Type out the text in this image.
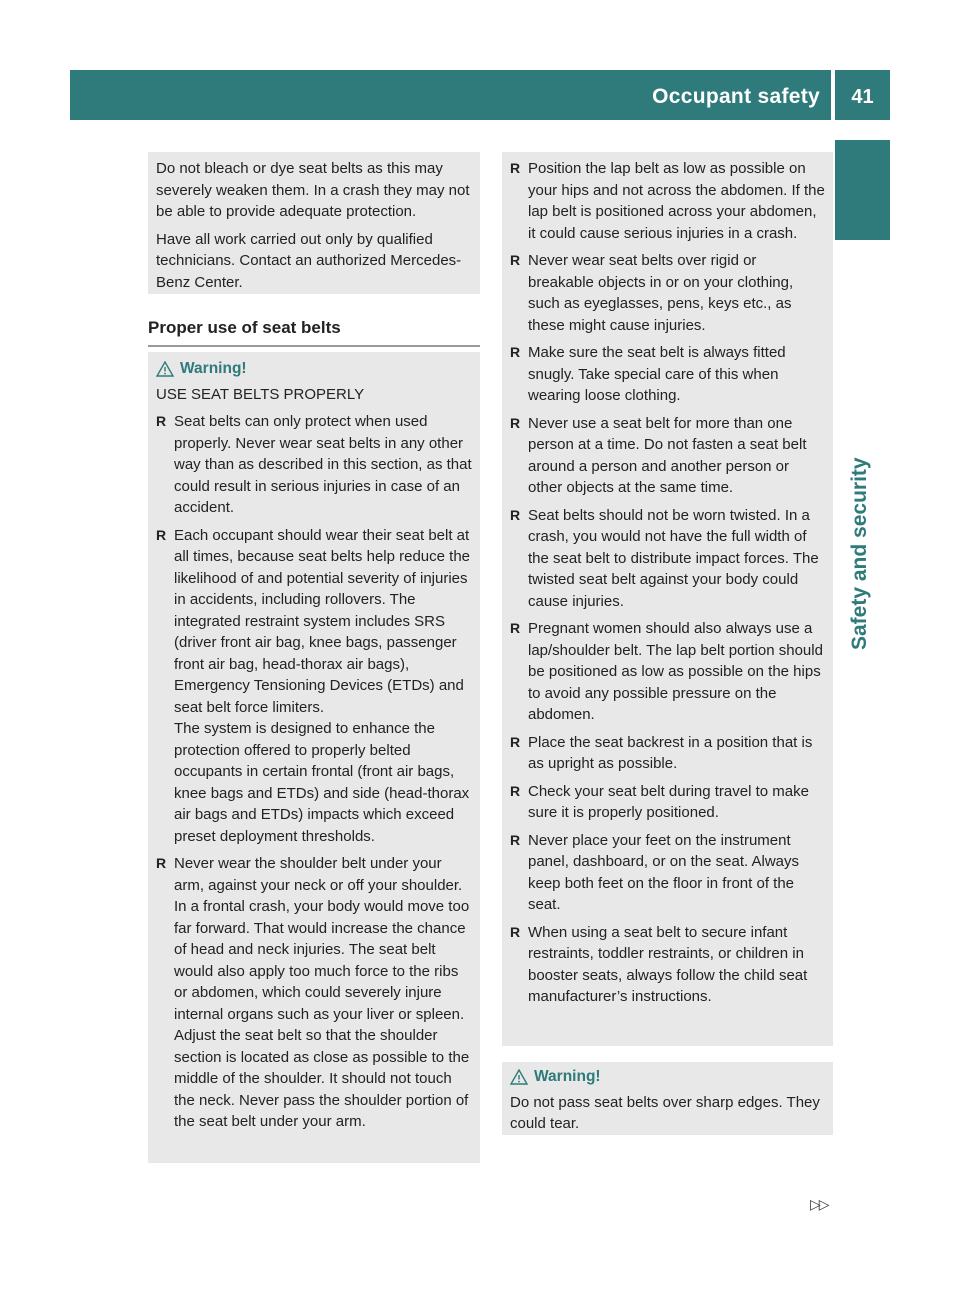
Occupant safety	41
Safety and security

Do not bleach or dye seat belts as this may severely weaken them. In a crash they may not be able to provide adequate protection.

Have all work carried out only by qualified technicians. Contact an authorized Mercedes-Benz Center.

Proper use of seat belts
Warning!

USE SEAT BELTS PROPERLY

R Seat belts can only protect when used properly. Never wear seat belts in any other way than as described in this section, as that could result in serious injuries in case of an accident.
R Each occupant should wear their seat belt at all times, because seat belts help reduce the likelihood of and potential severity of injuries in accidents, including rollovers. The integrated restraint system includes SRS (driver front air bag, knee bags, passenger front air bag, head-thorax air bags), Emergency Tensioning Devices (ETDs) and seat belt force limiters.

The system is designed to enhance the protection offered to properly belted occupants in certain frontal (front air bags, knee bags and ETDs) and side (head-thorax air bags and ETDs) impacts which exceed preset deployment thresholds.

R Never wear the shoulder belt under your arm, against your neck or off your shoulder. In a frontal crash, your body would move too far forward. That would increase the chance of head and neck injuries. The seat belt would also apply too much force to the ribs or abdomen, which could severely injure internal organs such as your liver or spleen.

Adjust the seat belt so that the shoulder section is located as close as possible to the middle of the shoulder. It should not touch the neck. Never pass the shoulder portion of the seat belt under your arm.

R Position the lap belt as low as possible on your hips and not across the abdomen. If the lap belt is positioned across your abdomen, it could cause serious injuries in a crash.
R Never wear seat belts over rigid or breakable objects in or on your clothing, such as eyeglasses, pens, keys etc., as these might cause injuries.
R Make sure the seat belt is always fitted snugly. Take special care of this when wearing loose clothing.
R Never use a seat belt for more than one person at a time. Do not fasten a seat belt around a person and another person or other objects at the same time.
R Seat belts should not be worn twisted. In a crash, you would not have the full width of the seat belt to distribute impact forces. The twisted seat belt against your body could cause injuries.
R Pregnant women should also always use a lap/shoulder belt. The lap belt portion should be positioned as low as possible on the hips to avoid any possible pressure on the abdomen.
R Place the seat backrest in a position that is as upright as possible.
R Check your seat belt during travel to make sure it is properly positioned.
R Never place your feet on the instrument panel, dashboard, or on the seat. Always keep both feet on the floor in front of the seat.
R When using a seat belt to secure infant restraints, toddler restraints, or children in booster seats, always follow the child seat manufacturer’s instructions.
Warning!

Do not pass seat belts over sharp edges. They could tear.

▷▷
